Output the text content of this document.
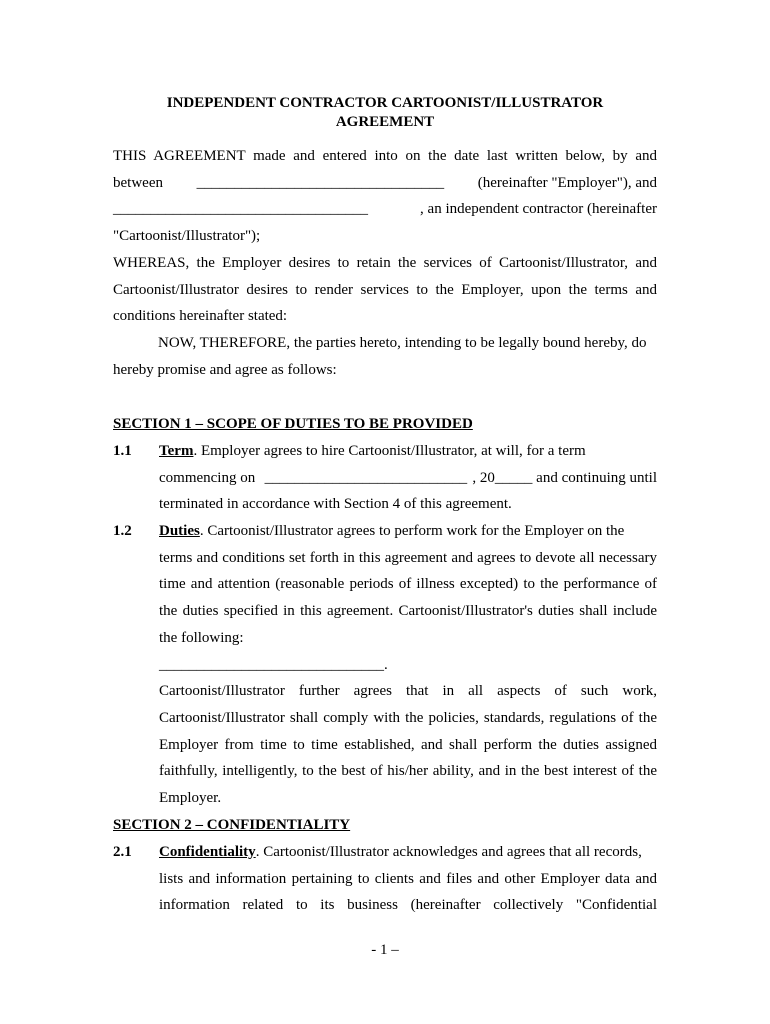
INDEPENDENT CONTRACTOR CARTOONIST/ILLUSTRATOR
AGREEMENT
THIS AGREEMENT made and entered into on the date last written below, by and
between _________________________________ (hereinafter "Employer"), and
__________________________________	, an independent contractor (hereinafter
"Cartoonist/Illustrator");
WHEREAS, the Employer desires to retain the services of Cartoonist/Illustrator, and
Cartoonist/Illustrator desires to render services to the Employer, upon the terms and
conditions hereinafter stated:
NOW, THEREFORE, the parties hereto, intending to be legally bound hereby, do
hereby promise and agree as follows:
SECTION 1 – SCOPE OF DUTIES TO BE PROVIDED
1.1 Term. Employer agrees to hire Cartoonist/Illustrator, at will, for a term
commencing on ___________________________ , 20_____ and continuing until
terminated in accordance with Section 4 of this agreement.
1.2 Duties. Cartoonist/Illustrator agrees to perform work for the Employer on the
terms and conditions set forth in this agreement and agrees to devote all necessary
time and attention (reasonable periods of illness excepted) to the performance of
the duties specified in this agreement. Cartoonist/Illustrator's duties shall include
the following:
______________________________.
Cartoonist/Illustrator further agrees that in all aspects of such work,
Cartoonist/Illustrator shall comply with the policies, standards, regulations of the
Employer from time to time established, and shall perform the duties assigned
faithfully, intelligently, to the best of his/her ability, and in the best interest of the
Employer.
SECTION 2 – CONFIDENTIALITY
2.1 Confidentiality. Cartoonist/Illustrator acknowledges and agrees that all records,
lists and information pertaining to clients and files and other Employer data and
information related to its business (hereinafter collectively "Confidential
- 1 –
